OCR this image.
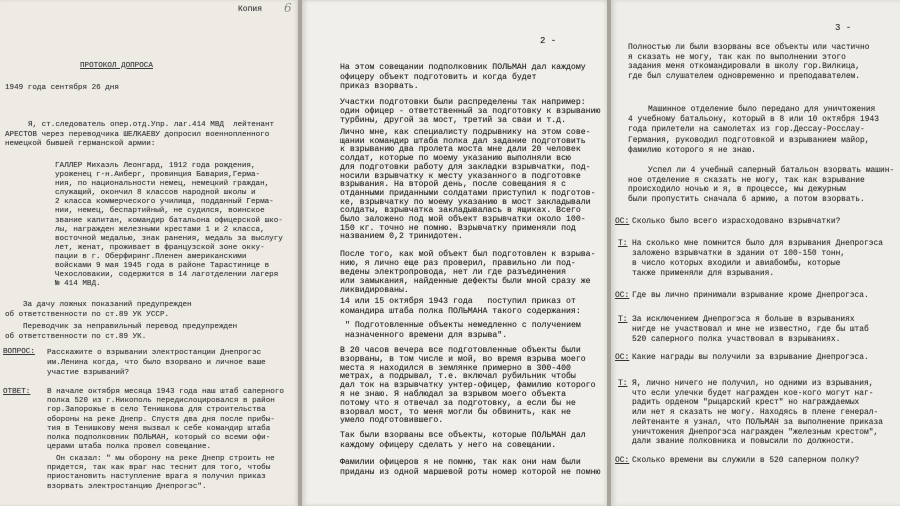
Копия 6
ПРОТОКОЛ ДОПРОСА
1949 года сентября 26 дня
Я, ст.следователь опер.отд.Упр. лаг.414 МВД  лейтенант
АРЕСТОВ через переводчика ШЕЛКАЕВУ допросил военнопленного
немецкой бывшей германской армии:
ГАЛЛЕР Михаэль Леонгард, 1912 года рождения,
уроженец г-н.Аиберг, провинция Бавария,Герма-
ния, по национальности немец, немецкий граждан,
служащий, окончил 8 классов народной школы и
2 класса коммерческого училища, подданный Герма-
нии, немец, беспартийный, не судился, воинское
звание капитан, командир батальона офицерской шко-
лы, награжден железными крестами 1 и 2 класса,
восточной медалью, знак ранения, медаль за выслугу
лет, женат, проживает в французской зоне окку-
пации в г. Оберфиринг.Пленен американскими
войсками 9 мая 1945 года в районе Тарастинице в
Чехословакии, содержится в 14 лаготделении лагеря
№ 414 МВД.
За дачу ложных показаний предупрежден
об ответственности по ст.89 УК УССР.
Переводчик за неправильный перевод предупрежден
об ответственности по ст.89 УК.
ВОПРОС: Расскажите о взрывании электростанции Днепрогэс
им.Ленина когда, что было взорвано и личное ваше
участие взрываний?
ОТВЕТ: В начале октября месяца 1943 года наш штаб саперного
полка 520 из г.Никополь передислоцировался в район
гор.Запорожье в село Тенишкова для строительства
обороны на реке Днепр. Спустя два дня после прибы-
тия в Тенишкову меня вызвал к себе командир штаба
полка подполковник ПОЛЬМАН, который со всеми офи-
церами штаба полка провел совещание.
Он сказал: " мы оборону на реке Днепр строить не
придется, так как враг нас теснит для того, чтобы
приостановить наступление врага я получил приказ
взорвать электростанцию Днепрогэс".
2 -
На этом совещании подполковник ПОЛЬМАН дал каждому
офицеру объект подготовить и когда будет
приказ взорвать.
Участки подготовки были распределены так например:
один офицер - ответственный за подготовку к взрыванию
турбины, другой за мост, третий за сваи и т.д.
Лично мне, как специалисту подрывнику на этом сове-
щании командир штаба полка дал задание подготовить
к взрыванию два пролета моста мне дали 20 человек
солдат, которые по моему указанию выполняли всю
для подготовки работу для закладки взрывчатки, под-
носили взрывчатку к месту указанного в подготовке
взрывания. На второй день, после совещания я с
отданными приданными солдатами приступил к подготов-
ке, взрывчатку по моему указанию в мост закладывали
солдаты, взрывчатка закладывалась в ящиках. Всего
было заложено под мой объект взрывчатки около 100-
150 кг. точно не помню. Взрывчатку применяли под
названием 0,2 тринидотен.
После того, как мой объект был подготовлен к взрыва-
нию, я лично еще раз проверил, правильно ли под-
ведены электропровода, нет ли где разъединения
или замыкания, найденные дефекты были мной сразу же
ликвидированы.
14 или 15 октября 1943 года   поступил приказ от
командира штаба полка ПОЛЬМАНА такого содержания:
" Подготовленные объекты немедленно с получением
назначенного времени для взрыва".
В 20 часов вечера все подготовленные объекты были
взорваны, в том числе и мой, во время взрыва моего
места я находился в землянке примерно в 300-400
метрах, а подрывал, т.е. включал рубильник чтобы
дал ток на взрывчатку унтер-офицер, фамилию которого
я не знаю. Я наблюдал за взрывом моего объекта
потому что я отвечал за подготовку, а если бы не
взорвал мост, то меня могли бы обвинить, как не
умело подготовившего.
Так были взорваны все объекты, которые ПОЛЬМАН дал
каждому офицеру сделать у него на совещании.
Фамилии офицеров я не помню, так как они нам были
приданы из одной маршевой роты номер которой не помню
3 -
Полностью ли были взорваны все объекты или частично
я сказать не могу, так как по выполнении этого
задания меня откомандировали в школу гор.Вилкица,
где был слушателем одновременно и преподавателем.
Машинное отделение было передано для уничтожения
4 учебному батальону, который в 8 или 10 октября 1943
года прилетели на самолетах из гор.Дессау-Росслау-
Германия, руководил подготовкой и взрыванием майор,
фамилию которого я не знаю.
Успел ли 4 учебный саперный батальон взорвать машин-
ное отделение я сказать не могу, так как взрывание
происходило ночью и я, в процессе, мы дежурным
были пропустить сначала 6 армию, а потом взорвать.
ОС: Сколько было всего израсходовано взрывчатки?
Т: На сколько мне помнится было для взрывания Днепрогэса
заложено взрывчатки в здании от 100-150 тонн,
в число которых входили и авиабомбы, которые
также применяли для взрывания.
ОС: Где вы лично принимали взрывание кроме Днепрогэса.
Т: За исключением Днепрогэса я больше в взрываниях
нигде не участвовал и мне не известно, где бы штаб
520 саперного полка участвовал в взрываниях.
ОС: Какие награды вы получили за взрывание Днепрогэса.
Т: Я, лично ничего не получил, но одними из взрывания,
что если улечки будет награжден кое-кого могут наг-
радить орденом "рыцарский крест" но награждаемых
или нет я сказать не могу. Находясь в плене генерал-
лейтенанте я узнал, что ПОЛЬМАН за выполнение приказа
уничтожения Днепрогэса награжден "железным крестом",
дали звание полковника и повысили по должности.
ОС: Сколько времени вы служили в 520 саперном полку?
